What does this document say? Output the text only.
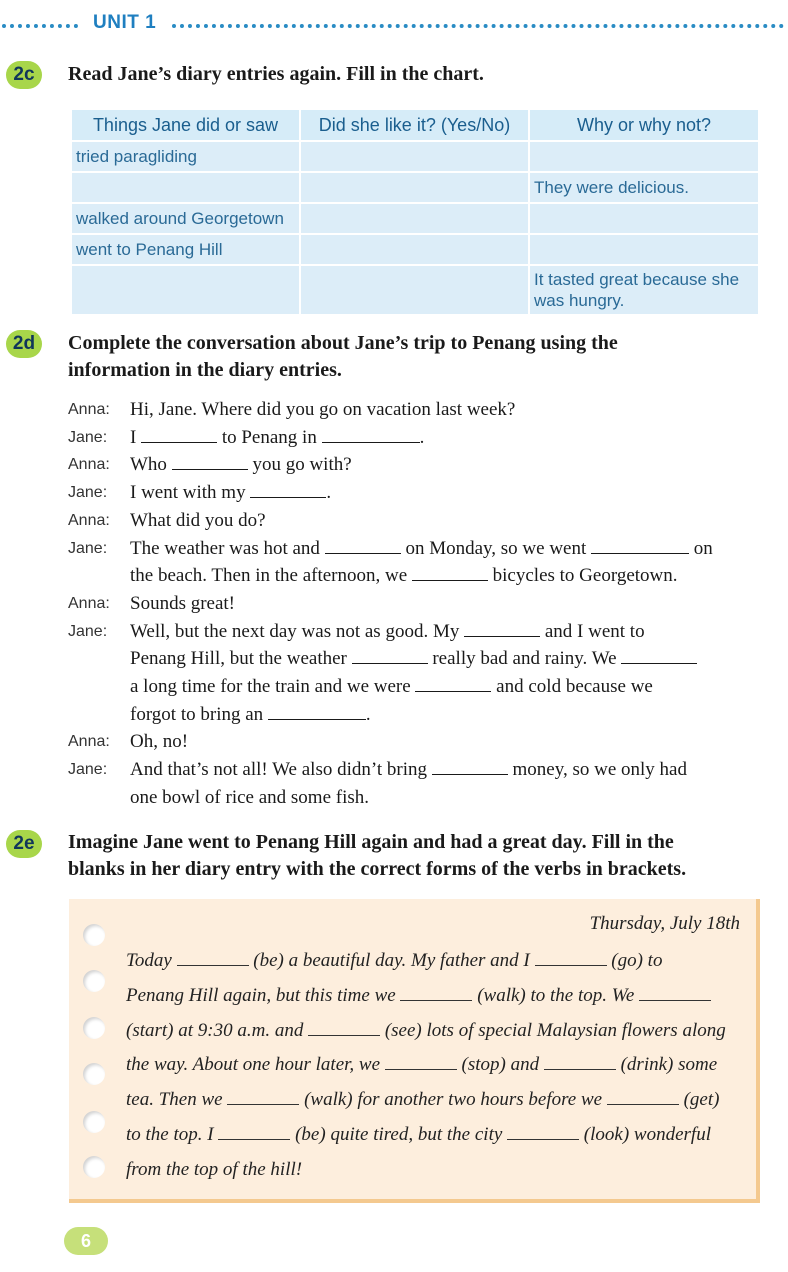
UNIT 1
2c	Read Jane’s diary entries again. Fill in the chart.
Things Jane did or saw	Did she like it? (Yes/No)	Why or why not?
tried paragliding		
		They were delicious.
walked around Georgetown		
went to Penang Hill		
		It tasted great because she was hungry.
2d	Complete the conversation about Jane’s trip to Penang using the
information in the diary entries.
Anna:	Hi, Jane. Where did you go on vacation last week?
Jane:	I	to Penang in	.
Anna:	Who	you go with?
Jane:	I went with my	.
Anna:	What did you do?
Jane:	The weather was hot and	on Monday, so we went	on
the beach. Then in the afternoon, we	bicycles to Georgetown.
Anna:	Sounds great!
Jane:	Well, but the next day was not as good. My	and I went to
Penang Hill, but the weather	really bad and rainy. We
a long time for the train and we were	and cold because we
forgot to bring an	.
Anna:	Oh, no!
Jane:	And that’s not all! We also didn’t bring	money, so we only had
one bowl of rice and some fish.
2e	Imagine Jane went to Penang Hill again and had a great day. Fill in the
blanks in her diary entry with the correct forms of the verbs in brackets.
Thursday, July 18th
Today	(be) a beautiful day. My father and I	(go) to
Penang Hill again, but this time we	(walk) to the top. We
(start) at 9:30 a.m. and	(see) lots of special Malaysian flowers along
the way. About one hour later, we	(stop) and	(drink) some
tea. Then we	(walk) for another two hours before we	(get)
to the top. I	(be) quite tired, but the city	(look) wonderful
from the top of the hill!
6
